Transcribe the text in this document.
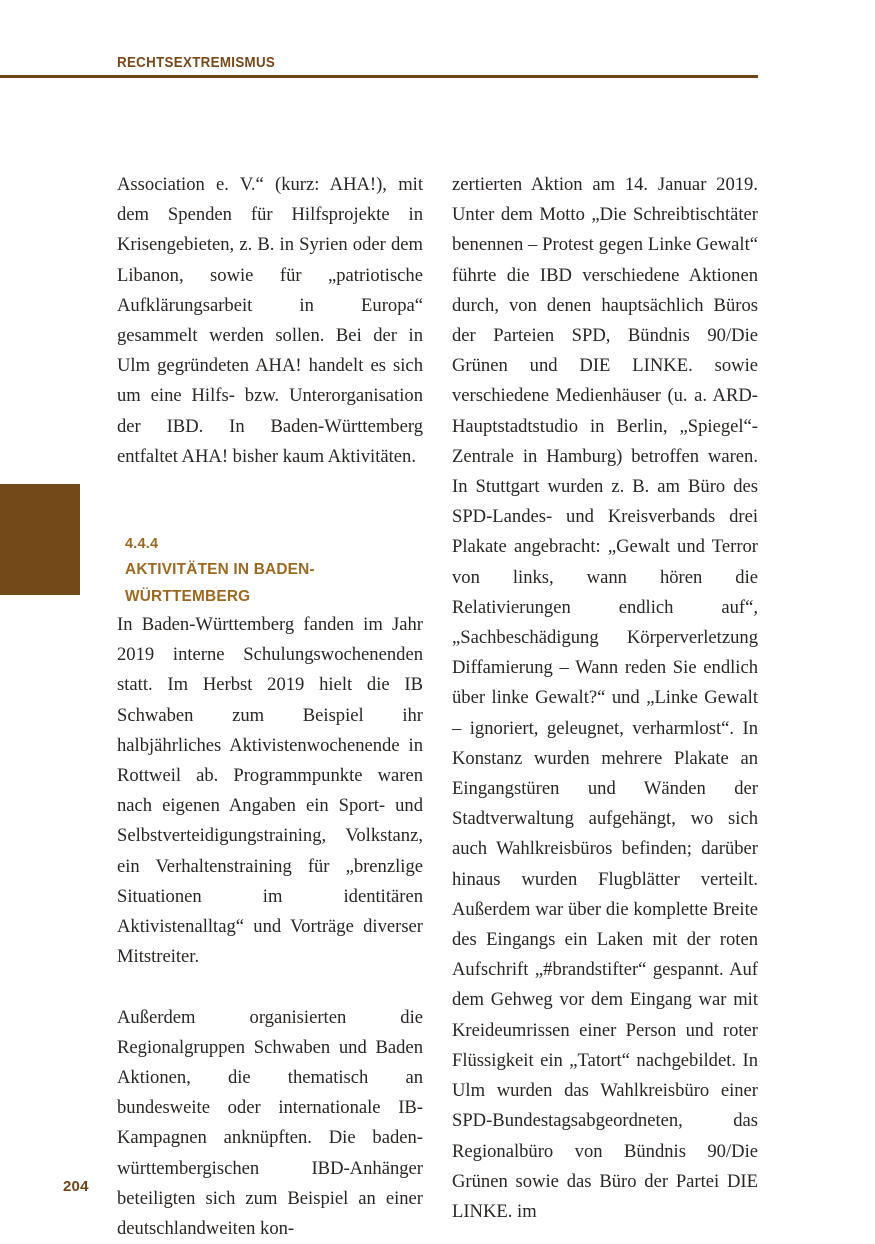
RECHTSEXTREMISMUS

Association e. V.“ (kurz: AHA!), mit dem Spenden für Hilfsprojekte in Krisengebieten, z. B. in Syrien oder dem Libanon, sowie für „patriotische Aufklärungsarbeit in Europa“ gesammelt werden sollen. Bei der in Ulm gegründeten AHA! handelt es sich um eine Hilfs- bzw. Unterorganisation der IBD. In Baden-Württemberg entfaltet AHA! bisher kaum Aktivitäten.

4.4.4
AKTIVITÄTEN IN BADEN-WÜRTTEMBERG

In Baden-Württemberg fanden im Jahr 2019 interne Schulungswochenenden statt. Im Herbst 2019 hielt die IB Schwaben zum Beispiel ihr halbjährliches Aktivistenwochenende in Rottweil ab. Programmpunkte waren nach eigenen Angaben ein Sport- und Selbstverteidigungstraining, Volkstanz, ein Verhaltenstraining für „brenzlige Situationen im identitären Aktivistenalltag“ und Vorträge diverser Mitstreiter.

Außerdem organisierten die Regionalgruppen Schwaben und Baden Aktionen, die thematisch an bundesweite oder internationale IB-Kampagnen anknüpften. Die baden-württembergischen IBD-Anhänger beteiligten sich zum Beispiel an einer deutschlandweiten kon-

zertierten Aktion am 14. Januar 2019. Unter dem Motto „Die Schreibtischtäter benennen – Protest gegen Linke Gewalt“ führte die IBD verschiedene Aktionen durch, von denen hauptsächlich Büros der Parteien SPD, Bündnis 90/Die Grünen und DIE LINKE. sowie verschiedene Medienhäuser (u. a. ARD-Hauptstadtstudio in Berlin, „Spiegel“-Zentrale in Hamburg) betroffen waren. In Stuttgart wurden z. B. am Büro des SPD-Landes- und Kreisverbands drei Plakate angebracht: „Gewalt und Terror von links, wann hören die Relativierungen endlich auf“, „Sachbeschädigung Körperverletzung Diffamierung – Wann reden Sie endlich über linke Gewalt?“ und „Linke Gewalt – ignoriert, geleugnet, verharmlost“. In Konstanz wurden mehrere Plakate an Eingangstüren und Wänden der Stadtverwaltung aufgehängt, wo sich auch Wahlkreisbüros befinden; darüber hinaus wurden Flugblätter verteilt. Außerdem war über die komplette Breite des Eingangs ein Laken mit der roten Aufschrift „#brandstifter“ gespannt. Auf dem Gehweg vor dem Eingang war mit Kreideumrissen einer Person und roter Flüssigkeit ein „Tatort“ nachgebildet. In Ulm wurden das Wahlkreisbüro einer SPD-Bundestagsabgeordneten, das Regionalbüro von Bündnis 90/Die Grünen sowie das Büro der Partei DIE LINKE. im

204
